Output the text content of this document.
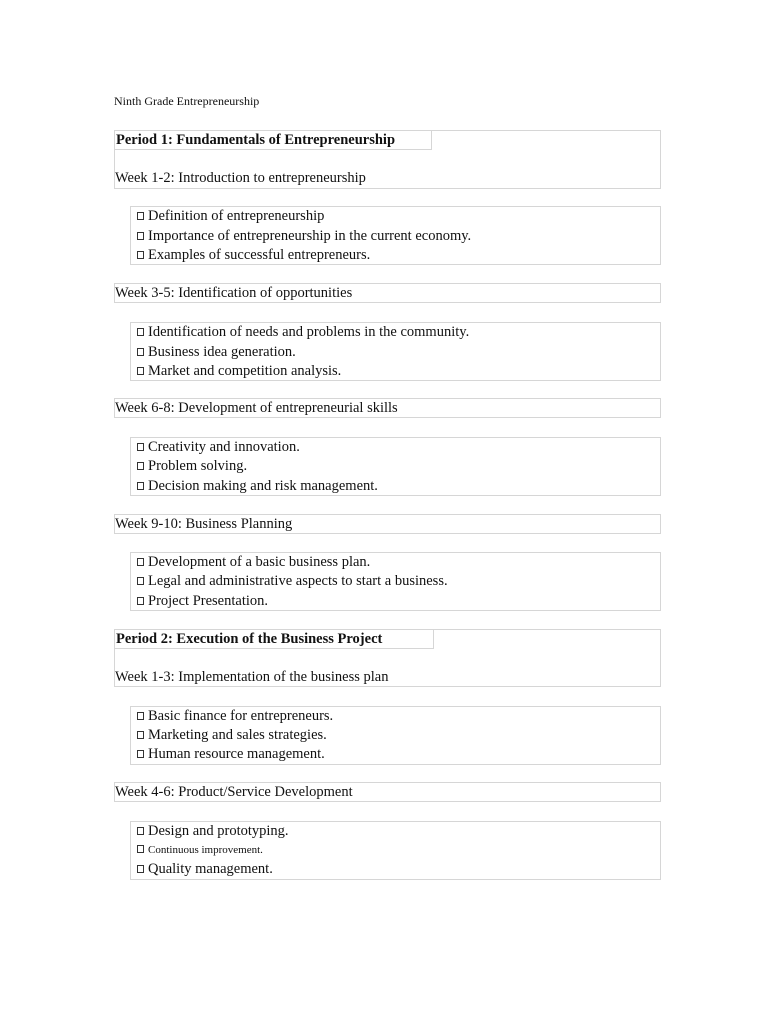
Ninth Grade Entrepreneurship
Period 1: Fundamentals of Entrepreneurship
Week 1-2: Introduction to entrepreneurship
Definition of entrepreneurship
Importance of entrepreneurship in the current economy.
Examples of successful entrepreneurs.
Week 3-5: Identification of opportunities
Identification of needs and problems in the community.
Business idea generation.
Market and competition analysis.
Week 6-8: Development of entrepreneurial skills
Creativity and innovation.
Problem solving.
Decision making and risk management.
Week 9-10: Business Planning
Development of a basic business plan.
Legal and administrative aspects to start a business.
Project Presentation.
Period 2: Execution of the Business Project
Week 1-3: Implementation of the business plan
Basic finance for entrepreneurs.
Marketing and sales strategies.
Human resource management.
Week 4-6: Product/Service Development
Design and prototyping.
Continuous improvement.
Quality management.
